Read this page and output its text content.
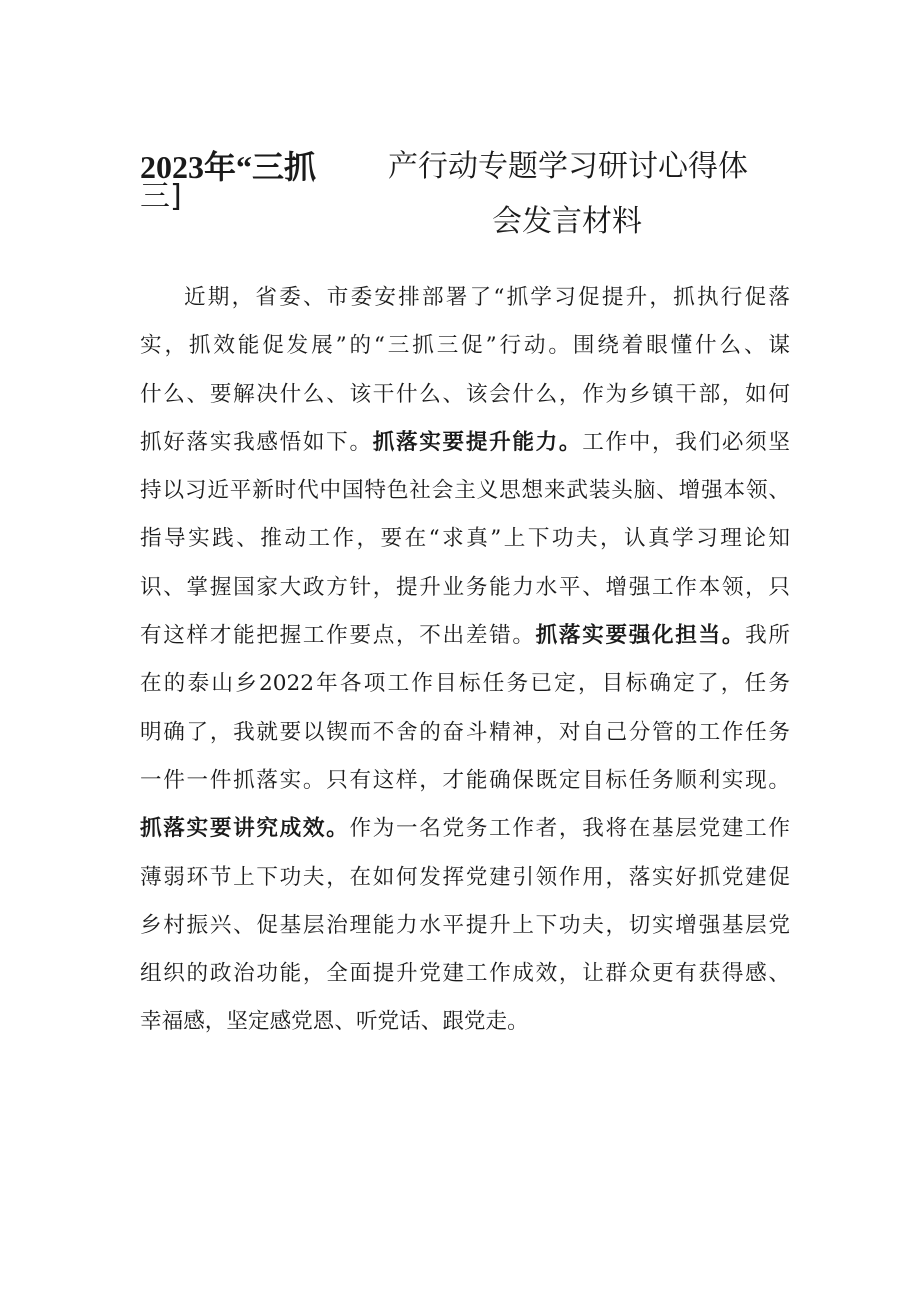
2023年“三抓 产行动专题学习研讨心得体
三]
会发言材料
近期，省委、市委安排部署了“抓学习促提升，抓执行促落
实，抓效能促发展”的“三抓三促”行动。围绕着眼懂什么、谋
什么、要解决什么、该干什么、该会什么，作为乡镇干部，如何
抓好落实我感悟如下。抓落实要提升能力。工作中，我们必须坚
持以习近平新时代中国特色社会主义思想来武装头脑、增强本领、
指导实践、推动工作，要在“求真”上下功夫，认真学习理论知
识、掌握国家大政方针，提升业务能力水平、增强工作本领，只
有这样才能把握工作要点，不出差错。抓落实要强化担当。我所
在的泰山乡2022年各项工作目标任务已定，目标确定了，任务
明确了，我就要以锲而不舍的奋斗精神，对自己分管的工作任务
一件一件抓落实。只有这样，才能确保既定目标任务顺利实现。
抓落实要讲究成效。作为一名党务工作者，我将在基层党建工作
薄弱环节上下功夫，在如何发挥党建引领作用，落实好抓党建促
乡村振兴、促基层治理能力水平提升上下功夫，切实增强基层党
组织的政治功能，全面提升党建工作成效，让群众更有获得感、
幸福感，坚定感党恩、听党话、跟党走。
